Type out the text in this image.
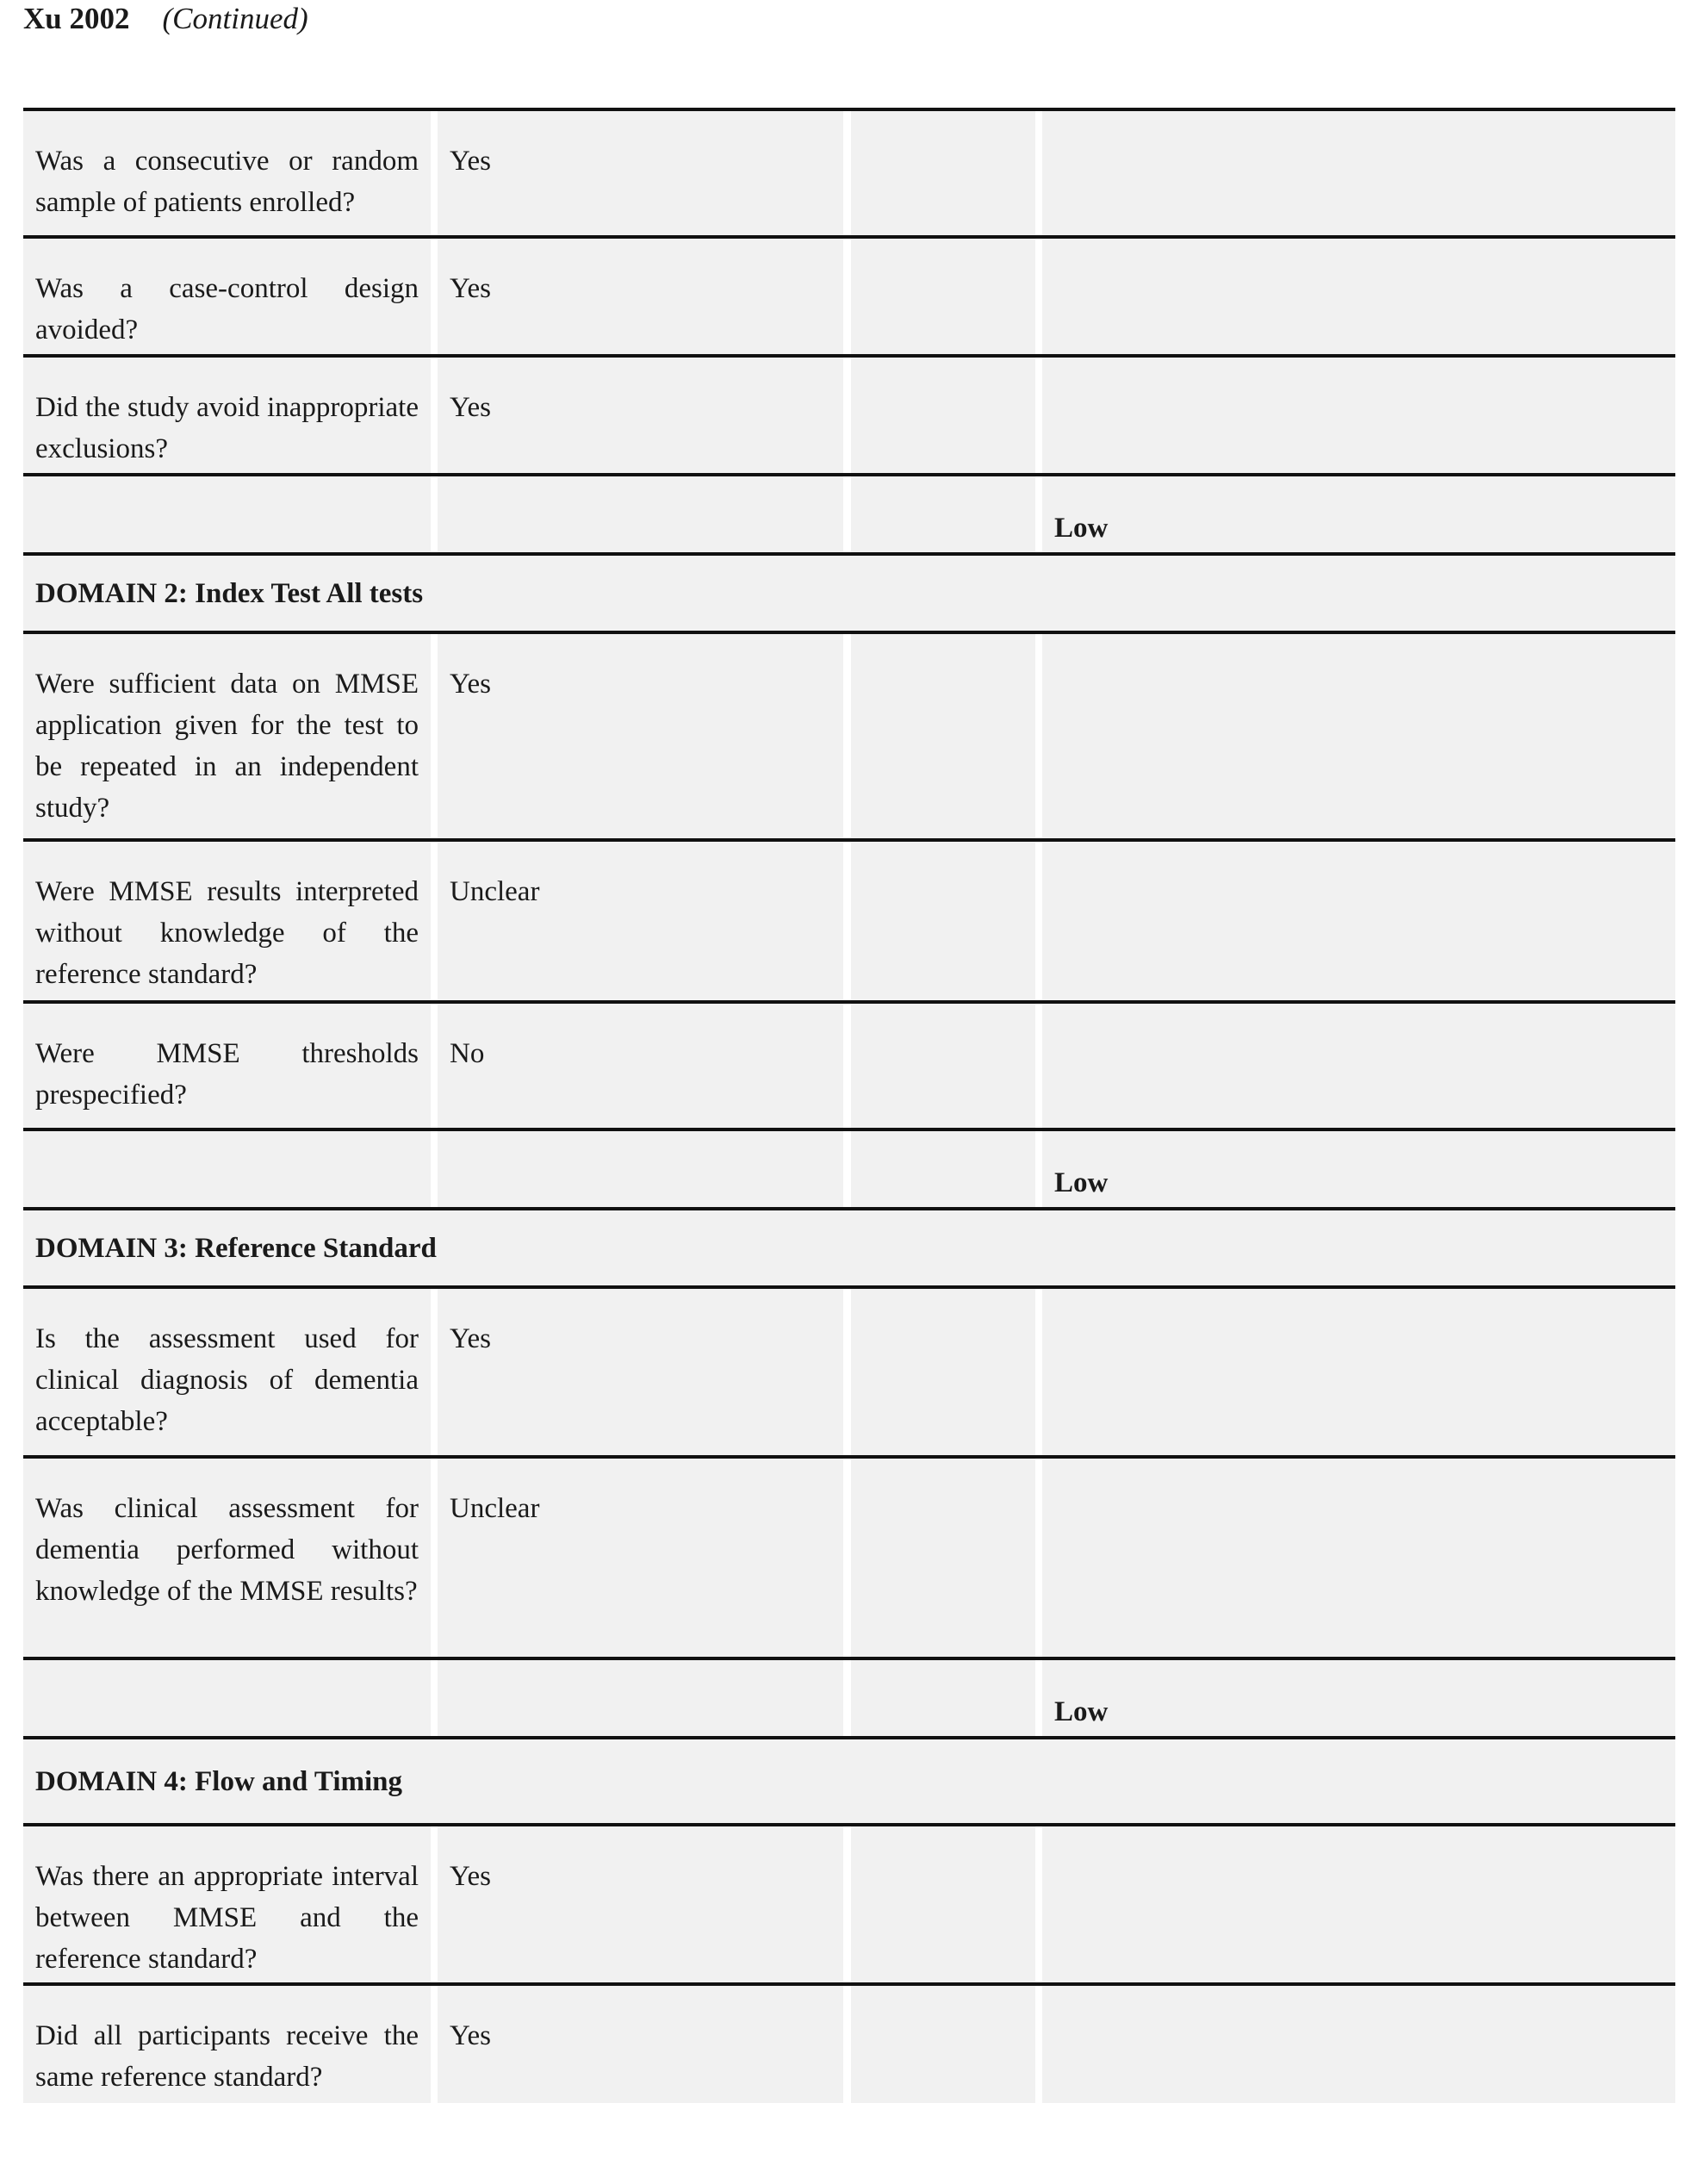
Xu 2002 (Continued)
Was a consecutive or random sample of patients enrolled?
Yes
Was a case-control design avoided?
Yes
Did the study avoid inappropriate exclusions?
Yes
Low
DOMAIN 2: Index Test All tests
Were sufficient data on MMSE application given for the test to be repeated in an independent study?
Yes
Were MMSE results interpreted without knowledge of the reference standard?
Unclear
Were MMSE thresholds prespecified?
No
Low
DOMAIN 3: Reference Standard
Is the assessment used for clinical diagnosis of dementia acceptable?
Yes
Was clinical assessment for dementia performed without knowledge of the MMSE results?
Unclear
Low
DOMAIN 4: Flow and Timing
Was there an appropriate interval between MMSE and the reference standard?
Yes
Did all participants receive the same reference standard?
Yes
